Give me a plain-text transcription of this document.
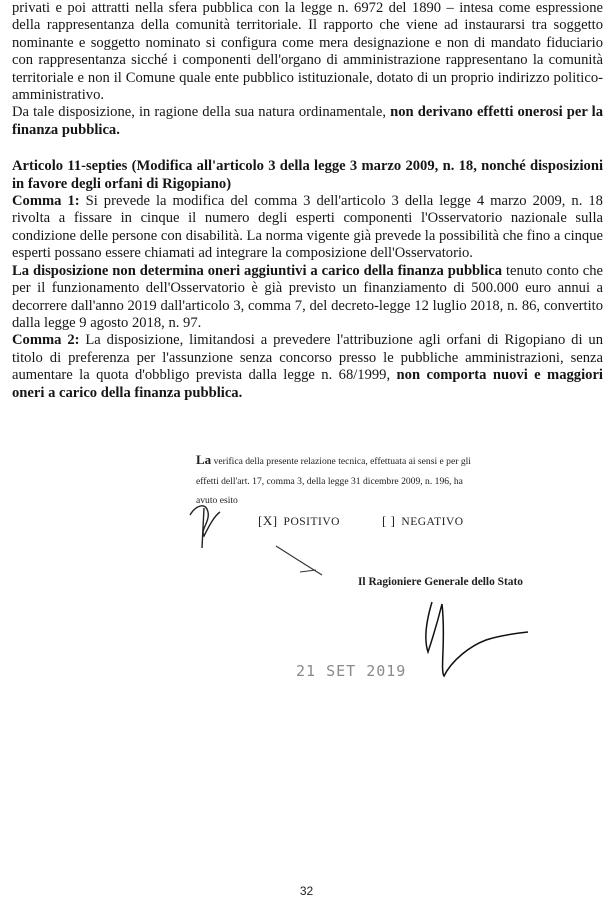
privati e poi attratti nella sfera pubblica con la legge n. 6972 del 1890 – intesa come espressione della rappresentanza della comunità territoriale. Il rapporto che viene ad instaurarsi tra soggetto nominante e soggetto nominato si configura come mera designazione e non di mandato fiduciario con rappresentanza sicché i componenti dell'organo di amministrazione rappresentano la comunità territoriale e non il Comune quale ente pubblico istituzionale, dotato di un proprio indirizzo politico-amministrativo.

Da tale disposizione, in ragione della sua natura ordinamentale, non derivano effetti onerosi per la finanza pubblica.

Articolo 11-septies (Modifica all'articolo 3 della legge 3 marzo 2009, n. 18, nonché disposizioni in favore degli orfani di Rigopiano)

Comma 1: Si prevede la modifica del comma 3 dell'articolo 3 della legge 4 marzo 2009, n. 18 rivolta a fissare in cinque il numero degli esperti componenti l'Osservatorio nazionale sulla condizione delle persone con disabilità. La norma vigente già prevede la possibilità che fino a cinque esperti possano essere chiamati ad integrare la composizione dell'Osservatorio.

La disposizione non determina oneri aggiuntivi a carico della finanza pubblica tenuto conto che per il funzionamento dell'Osservatorio è già previsto un finanziamento di 500.000 euro annui a decorrere dall'anno 2019 dall'articolo 3, comma 7, del decreto-legge 12 luglio 2018, n. 86, convertito dalla legge 9 agosto 2018, n. 97.

Comma 2: La disposizione, limitandosi a prevedere l'attribuzione agli orfani di Rigopiano di un titolo di preferenza per l'assunzione senza concorso presso le pubbliche amministrazioni, senza aumentare la quota d'obbligo prevista dalla legge n. 68/1999, non comporta nuovi e maggiori oneri a carico della finanza pubblica.

La verifica della presente relazione tecnica, effettuata ai sensi e per gli
effetti dell'art. 17, comma 3, della legge 31 dicembre 2009, n. 196, ha
avuto esito
[X] POSITIVO	[ ] NEGATIVO
Il Ragioniere Generale dello Stato
21 SET 2019
32
